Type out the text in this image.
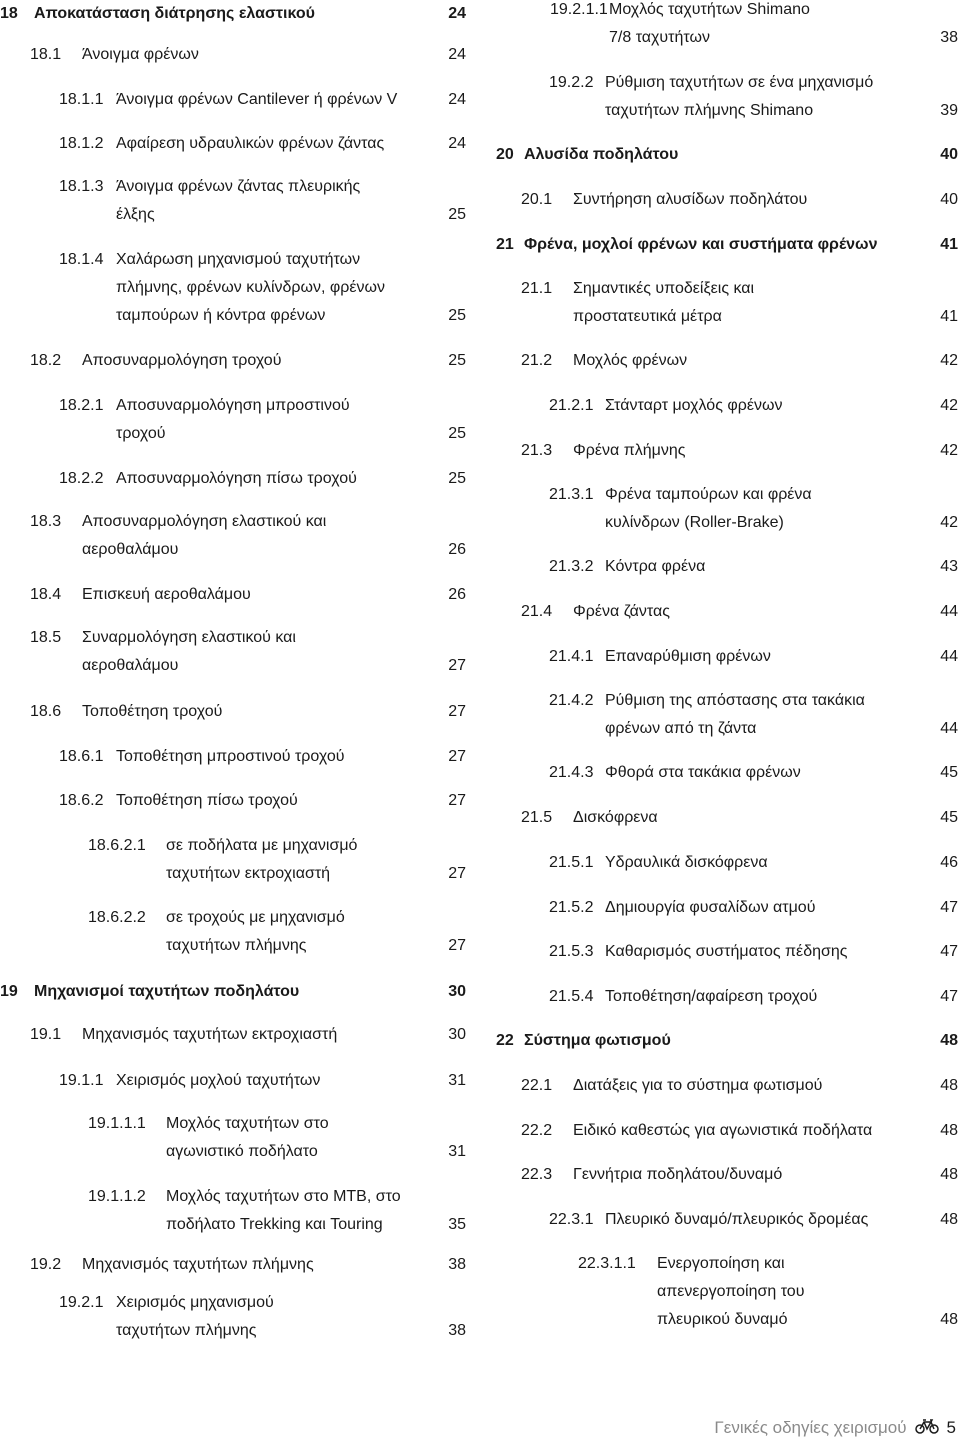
18 Αποκατάσταση διάτρησης ελαστικού	24
18.1 Άνοιγμα φρένων	24
18.1.1 Άνοιγμα φρένων Cantilever ή φρένων V	24
18.1.2 Αφαίρεση υδραυλικών φρένων ζάντας	24
18.1.3 Άνοιγμα φρένων ζάντας πλευρικής
έλξης	25
18.1.4 Χαλάρωση μηχανισμού ταχυτήτων
πλήμνης, φρένων κυλίνδρων, φρένων
ταμπούρων ή κόντρα φρένων	25
18.2 Αποσυναρμολόγηση τροχού	25
18.2.1 Αποσυναρμολόγηση μπροστινού
τροχού	25
18.2.2 Αποσυναρμολόγηση πίσω τροχού	25
18.3 Αποσυναρμολόγηση ελαστικού και
αεροθαλάμου	26
18.4 Επισκευή αεροθαλάμου	26
18.5 Συναρμολόγηση ελαστικού και
αεροθαλάμου	27
18.6 Τοποθέτηση τροχού	27
18.6.1 Τοποθέτηση μπροστινού τροχού	27
18.6.2 Τοποθέτηση πίσω τροχού	27
18.6.2.1 σε ποδήλατα με μηχανισμό
ταχυτήτων εκτροχιαστή	27
18.6.2.2 σε τροχούς με μηχανισμό
ταχυτήτων πλήμνης	27
19 Μηχανισμοί ταχυτήτων ποδηλάτου	30
19.1 Μηχανισμός ταχυτήτων εκτροχιαστή	30
19.1.1 Χειρισμός μοχλού ταχυτήτων	31
19.1.1.1 Μοχλός ταχυτήτων στο
αγωνιστικό ποδήλατο	31
19.1.1.2 Μοχλός ταχυτήτων στο MTB, στο
ποδήλατο Trekking και Touring	35
19.2 Μηχανισμός ταχυτήτων πλήμνης	38
19.2.1 Χειρισμός μηχανισμού
ταχυτήτων πλήμνης	38
19.2.1.1 Μοχλός ταχυτήτων Shimano
7/8 ταχυτήτων	38
19.2.2 Ρύθμιση ταχυτήτων σε ένα μηχανισμό
ταχυτήτων πλήμνης Shimano	39
20 Αλυσίδα ποδηλάτου	40
20.1 Συντήρηση αλυσίδων ποδηλάτου	40
21 Φρένα, μοχλοί φρένων και συστήματα φρένων	41
21.1 Σημαντικές υποδείξεις και
προστατευτικά μέτρα	41
21.2 Μοχλός φρένων	42
21.2.1 Στάνταρτ μοχλός φρένων	42
21.3 Φρένα πλήμνης	42
21.3.1 Φρένα ταμπούρων και φρένα
κυλίνδρων (Roller-Brake)	42
21.3.2 Κόντρα φρένα	43
21.4 Φρένα ζάντας	44
21.4.1 Επαναρύθμιση φρένων	44
21.4.2 Ρύθμιση της απόστασης στα τακάκια
φρένων από τη ζάντα	44
21.4.3 Φθορά στα τακάκια φρένων	45
21.5 Δισκόφρενα	45
21.5.1 Υδραυλικά δισκόφρενα	46
21.5.2 Δημιουργία φυσαλίδων ατμού	47
21.5.3 Καθαρισμός συστήματος πέδησης	47
21.5.4 Τοποθέτηση/αφαίρεση τροχού	47
22 Σύστημα φωτισμού	48
22.1 Διατάξεις για το σύστημα φωτισμού	48
22.2 Ειδικό καθεστώς για αγωνιστικά ποδήλατα	48
22.3 Γεννήτρια ποδηλάτου/δυναμό	48
22.3.1 Πλευρικό δυναμό/πλευρικός δρομέας	48
22.3.1.1 Ενεργοποίηση και
απενεργοποίηση του
πλευρικού δυναμό	48
Γενικές οδηγίες χειρισμού 5
